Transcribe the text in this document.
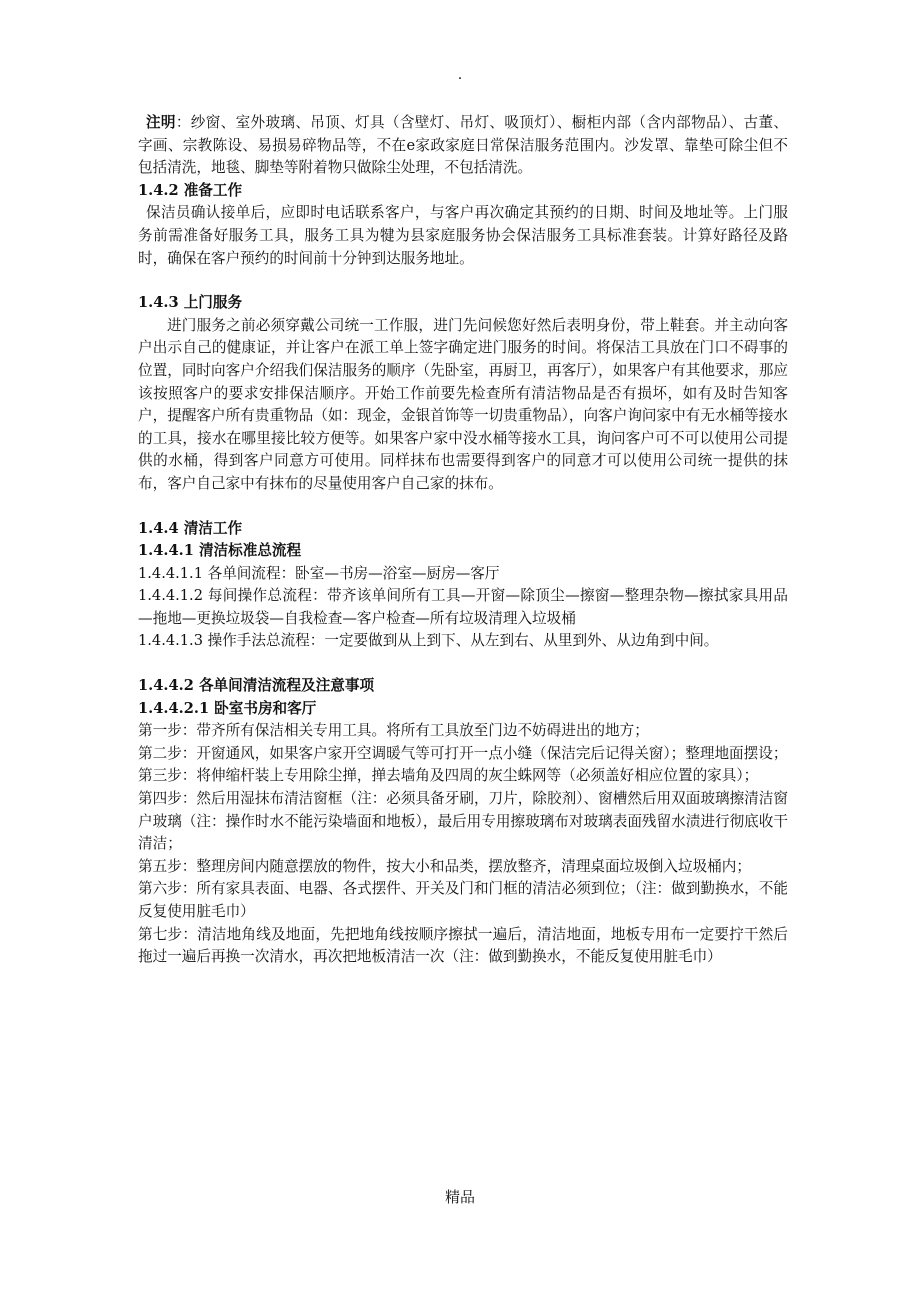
.

注明：纱窗、室外玻璃、吊顶、灯具（含壁灯、吊灯、吸顶灯）、橱柜内部（含内部物品）、古董、字画、宗教陈设、易损易碎物品等，不在e家政家庭日常保洁服务范围内。沙发罩、靠垫可除尘但不包括清洗，地毯、脚垫等附着物只做除尘处理，不包括清洗。

1.4.2 准备工作

保洁员确认接单后，应即时电话联系客户，与客户再次确定其预约的日期、时间及地址等。上门服务前需准备好服务工具，服务工具为犍为县家庭服务协会保洁服务工具标准套装。计算好路径及路时，确保在客户预约的时间前十分钟到达服务地址。

1.4.3 上门服务

进门服务之前必须穿戴公司统一工作服，进门先问候您好然后表明身份，带上鞋套。并主动向客户出示自己的健康证，并让客户在派工单上签字确定进门服务的时间。将保洁工具放在门口不碍事的位置，同时向客户介绍我们保洁服务的顺序（先卧室，再厨卫，再客厅），如果客户有其他要求，那应该按照客户的要求安排保洁顺序。开始工作前要先检查所有清洁物品是否有损坏，如有及时告知客户，提醒客户所有贵重物品（如：现金，金银首饰等一切贵重物品），向客户询问家中有无水桶等接水的工具，接水在哪里接比较方便等。如果客户家中没水桶等接水工具，询问客户可不可以使用公司提供的水桶，得到客户同意方可使用。同样抹布也需要得到客户的同意才可以使用公司统一提供的抹布，客户自己家中有抹布的尽量使用客户自己家的抹布。

1.4.4 清洁工作

1.4.4.1 清洁标准总流程

1.4.4.1.1 各单间流程：卧室—书房—浴室—厨房—客厅

1.4.4.1.2 每间操作总流程：带齐该单间所有工具—开窗—除顶尘—擦窗—整理杂物—擦拭家具用品—拖地—更换垃圾袋—自我检查—客户检查—所有垃圾清理入垃圾桶

1.4.4.1.3 操作手法总流程：一定要做到从上到下、从左到右、从里到外、从边角到中间。

1.4.4.2 各单间清洁流程及注意事项

1.4.4.2.1 卧室书房和客厅

第一步：带齐所有保洁相关专用工具。将所有工具放至门边不妨碍进出的地方；

第二步：开窗通风，如果客户家开空调暖气等可打开一点小缝（保洁完后记得关窗）；整理地面摆设；

第三步：将伸缩杆装上专用除尘掸，掸去墙角及四周的灰尘蛛网等（必须盖好相应位置的家具）；

第四步：然后用湿抹布清洁窗框（注：必须具备牙刷，刀片，除胶剂）、窗槽然后用双面玻璃擦清洁窗户玻璃（注：操作时水不能污染墙面和地板），最后用专用擦玻璃布对玻璃表面残留水渍进行彻底收干清洁；

第五步：整理房间内随意摆放的物件，按大小和品类，摆放整齐，清理桌面垃圾倒入垃圾桶内；

第六步：所有家具表面、电器、各式摆件、开关及门和门框的清洁必须到位；（注：做到勤换水，不能反复使用脏毛巾）

第七步：清洁地角线及地面，先把地角线按顺序擦拭一遍后，清洁地面，地板专用布一定要拧干然后拖过一遍后再换一次清水，再次把地板清洁一次（注：做到勤换水，不能反复使用脏毛巾）

精品
